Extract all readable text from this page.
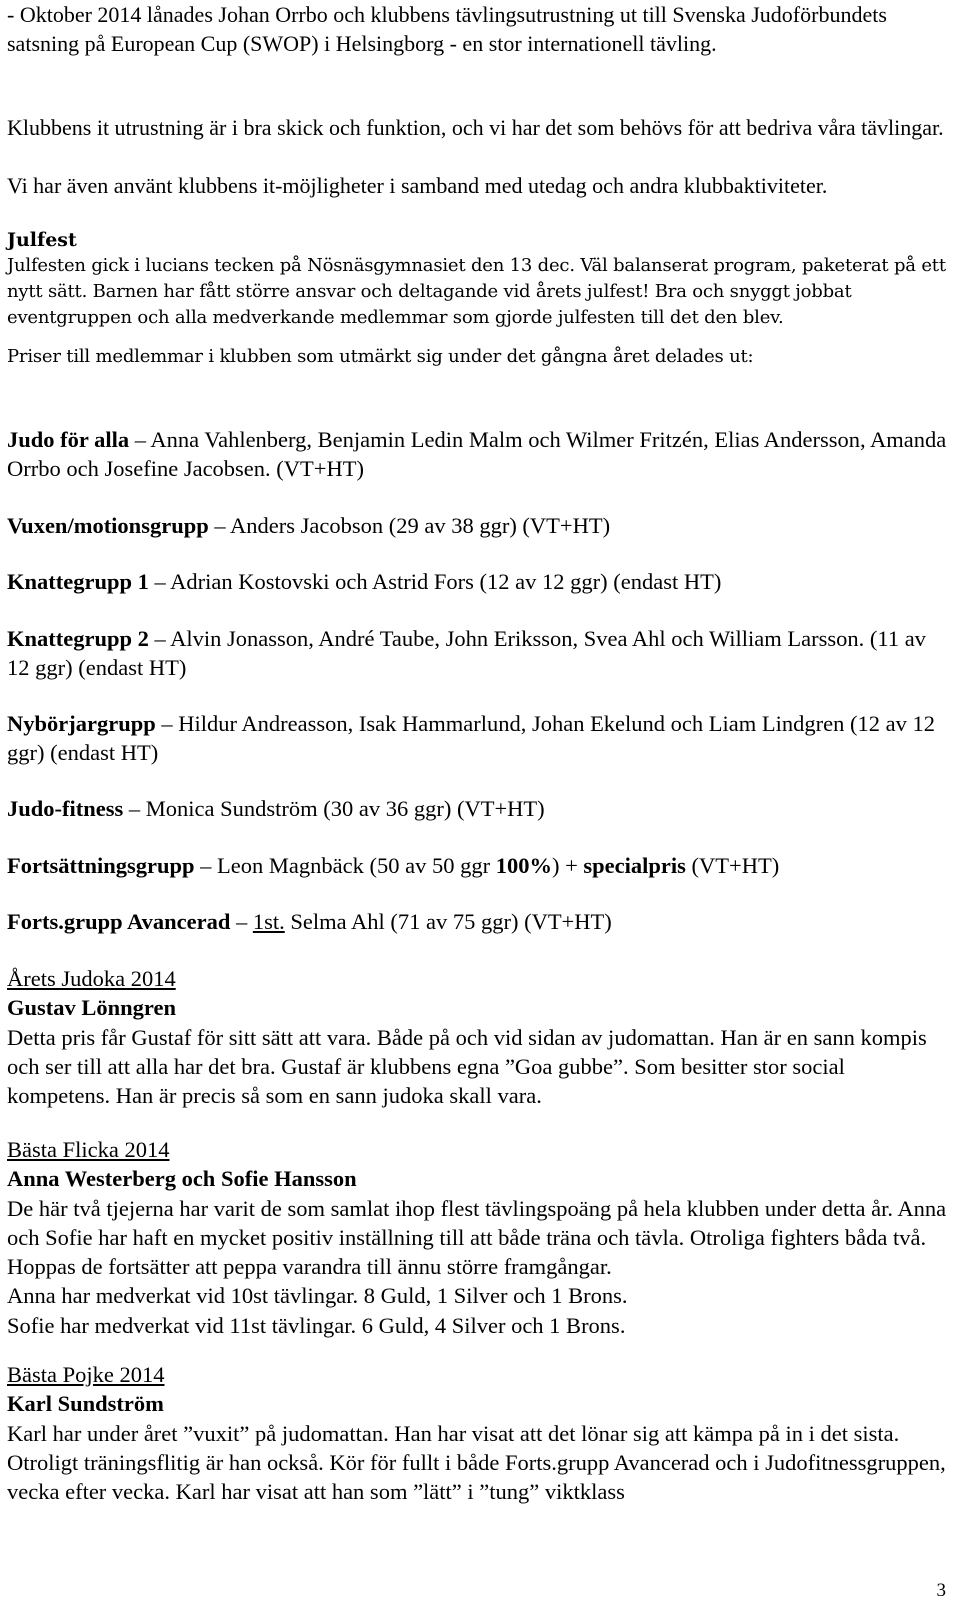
- Oktober 2014 lånades Johan Orrbo och klubbens tävlingsutrustning ut till Svenska Judoförbundets satsning på European Cup (SWOP) i Helsingborg - en stor internationell tävling.

Klubbens it utrustning är i bra skick och funktion, och vi har det som behövs för att bedriva våra tävlingar.

Vi har även använt klubbens it-möjligheter i samband med utedag och andra klubbaktiviteter.

Julfest

Julfesten gick i lucians tecken på Nösnäsgymnasiet den 13 dec. Väl balanserat program, paketerat på ett nytt sätt. Barnen har fått större ansvar och deltagande vid årets julfest! Bra och snyggt jobbat eventgruppen och alla medverkande medlemmar som gjorde julfesten till det den blev.

Priser till medlemmar i klubben som utmärkt sig under det gångna året delades ut:

Judo för alla – Anna Vahlenberg, Benjamin Ledin Malm och Wilmer Fritzén, Elias Andersson, Amanda Orrbo och Josefine Jacobsen. (VT+HT)

Vuxen/motionsgrupp – Anders Jacobson (29 av 38 ggr) (VT+HT)

Knattegrupp 1 – Adrian Kostovski och Astrid Fors (12 av 12 ggr) (endast HT)

Knattegrupp 2 – Alvin Jonasson, André Taube, John Eriksson, Svea Ahl och William Larsson. (11 av 12 ggr) (endast HT)

Nybörjargrupp – Hildur Andreasson, Isak Hammarlund, Johan Ekelund och Liam Lindgren (12 av 12 ggr) (endast HT)

Judo-fitness – Monica Sundström (30 av 36 ggr) (VT+HT)

Fortsättningsgrupp – Leon Magnbäck (50 av 50 ggr 100%) + specialpris (VT+HT)

Forts.grupp Avancerad – 1st. Selma Ahl (71 av 75 ggr) (VT+HT)

Årets Judoka 2014
Gustav Lönngren
Detta pris får Gustaf för sitt sätt att vara. Både på och vid sidan av judomattan. Han är en sann kompis och ser till att alla har det bra. Gustaf är klubbens egna ”Goa gubbe”. Som besitter stor social kompetens. Han är precis så som en sann judoka skall vara.
Bästa Flicka 2014
Anna Westerberg och Sofie Hansson
De här två tjejerna har varit de som samlat ihop flest tävlingspoäng på hela klubben under detta år. Anna och Sofie har haft en mycket positiv inställning till att både träna och tävla. Otroliga fighters båda två. Hoppas de fortsätter att peppa varandra till ännu större framgångar.
Anna har medverkat vid 10st tävlingar. 8 Guld, 1 Silver och 1 Brons.
Sofie har medverkat vid 11st tävlingar. 6 Guld, 4 Silver och 1 Brons.
Bästa Pojke 2014
Karl Sundström
Karl har under året ”vuxit” på judomattan. Han har visat att det lönar sig att kämpa på in i det sista. Otroligt träningsflitig är han också. Kör för fullt i både Forts.grupp Avancerad och i Judofitnessgruppen, vecka efter vecka. Karl har visat att han som ”lätt” i ”tung” viktklass
3
